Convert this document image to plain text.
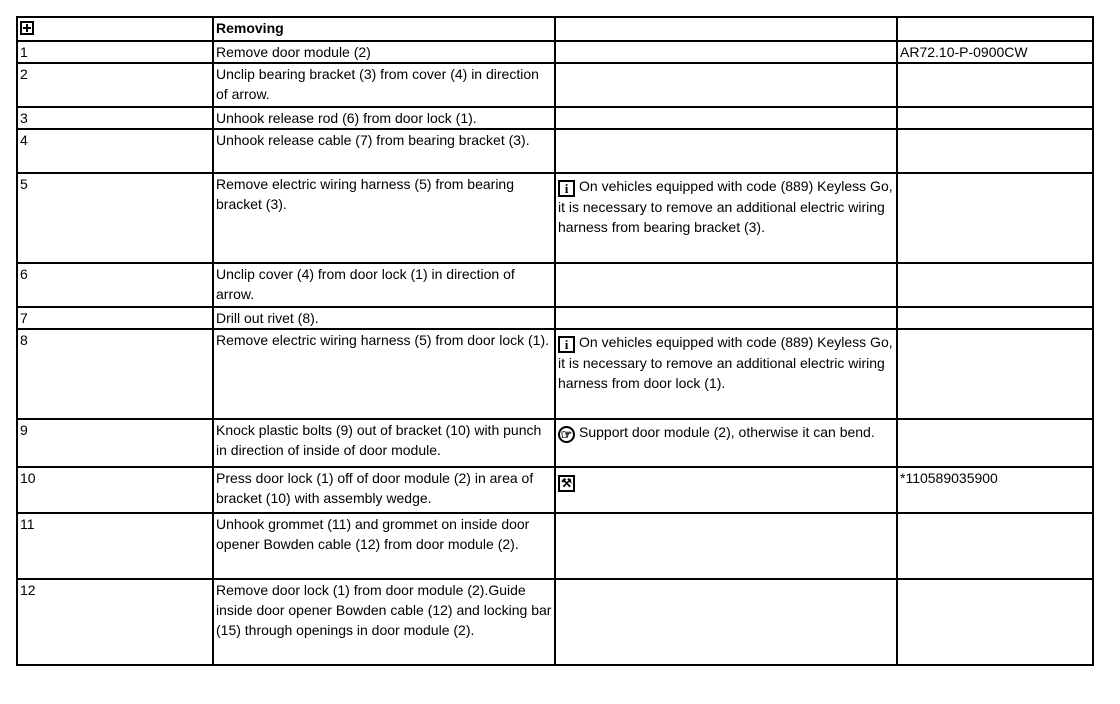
	Removing		
1	Remove door module (2)		AR72.10-P-0900CW
2	Unclip bearing bracket (3) from cover (4) in direction of arrow.		
3	Unhook release rod (6) from door lock (1).		
4	Unhook release cable (7) from bearing bracket (3).		
5	Remove electric wiring harness (5) from bearing bracket (3).	i On vehicles equipped with code (889) Keyless Go, it is necessary to remove an additional electric wiring harness from bearing bracket (3).	
6	Unclip cover (4) from door lock (1) in direction of arrow.		
7	Drill out rivet (8).		
8	Remove electric wiring harness (5) from door lock (1).	i On vehicles equipped with code (889) Keyless Go, it is necessary to remove an additional electric wiring harness from door lock (1).	
9	Knock plastic bolts (9) out of bracket (10) with punch in direction of inside of door module.	☞ Support door module (2), otherwise it can bend.	
10	Press door lock (1) off of door module (2) in area of bracket (10) with assembly wedge.	⚒	*110589035900
11	Unhook grommet (11) and grommet on inside door opener Bowden cable (12) from door module (2).		
12	Remove door lock (1) from door module (2).Guide inside door opener Bowden cable (12) and locking bar (15) through openings in door module (2).		
